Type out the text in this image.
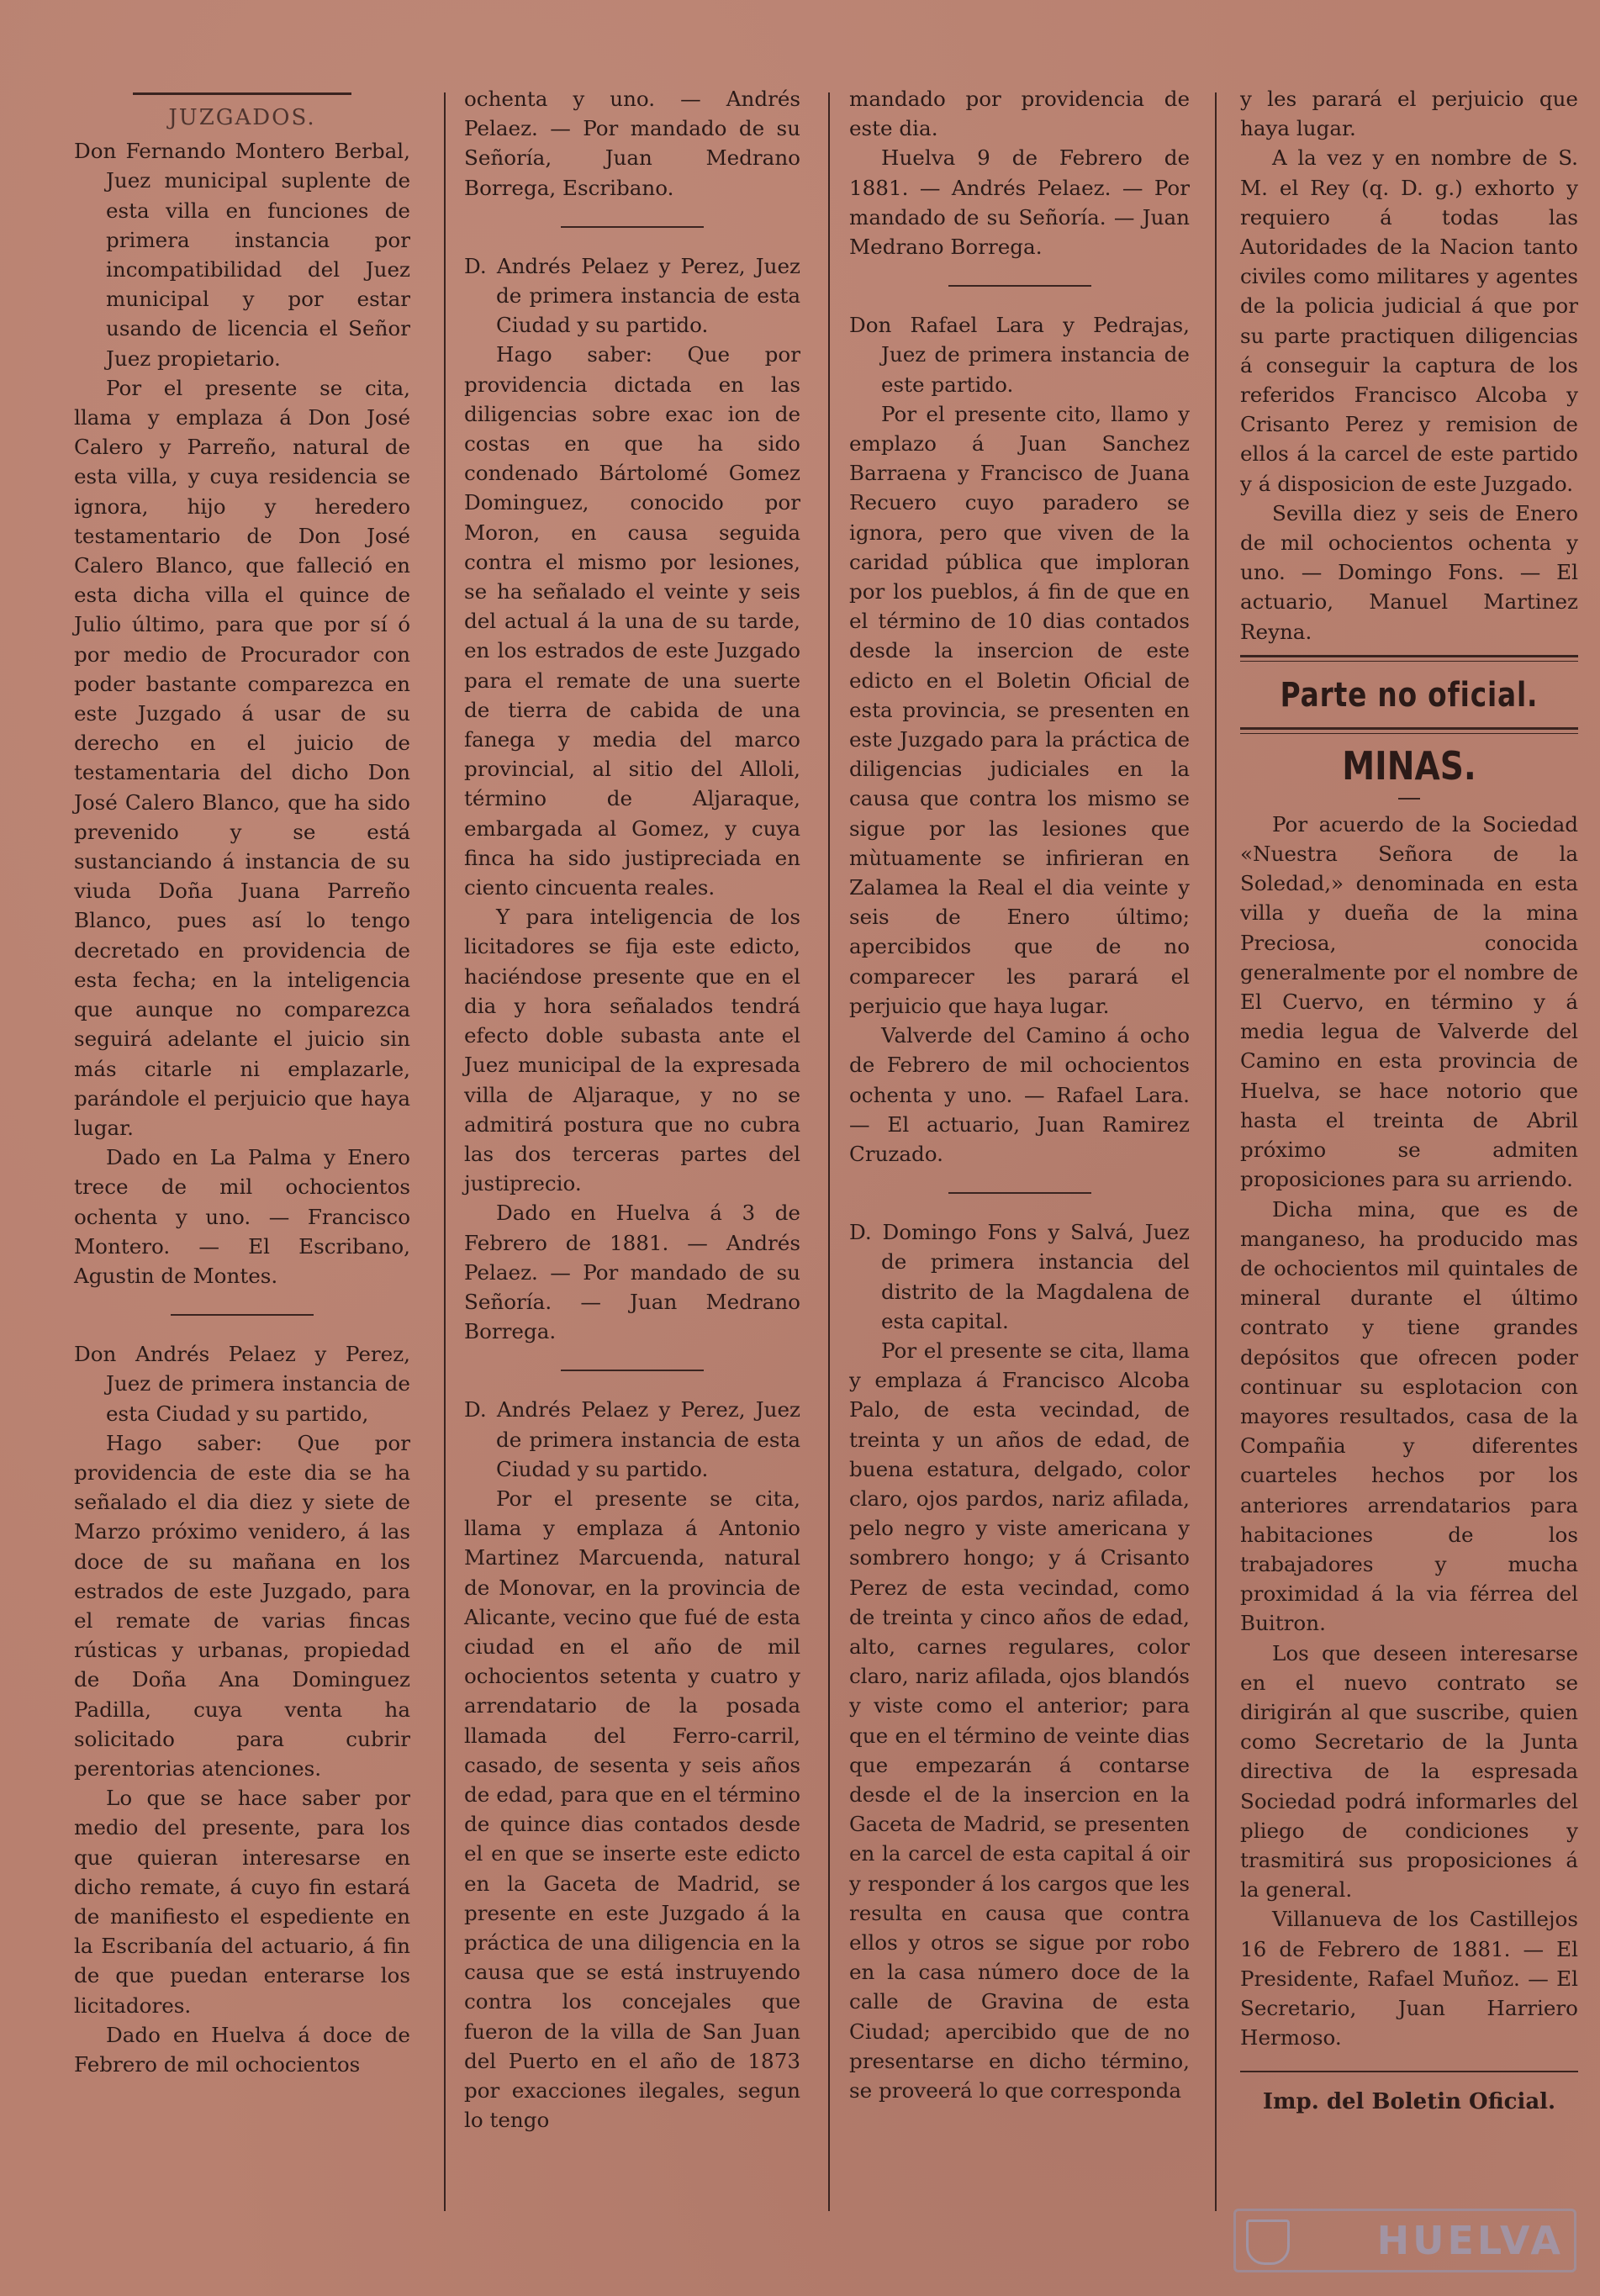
JUZGADOS.

Don Fernando Montero Berbal, Juez municipal suplente de esta villa en funciones de primera instancia por incompatibilidad del Juez municipal y por estar usando de licencia el Señor Juez propietario.

Por el presente se cita, llama y emplaza á Don José Calero y Parreño, natural de esta villa, y cuya residencia se ignora, hijo y heredero testamentario de Don José Calero Blanco, que falleció en esta dicha villa el quince de Julio último, para que por sí ó por medio de Procurador con poder bastante comparezca en este Juzgado á usar de su derecho en el juicio de testamentaria del dicho Don José Calero Blanco, que ha sido prevenido y se está sustanciando á instancia de su viuda Doña Juana Parreño Blanco, pues así lo tengo decretado en providencia de esta fecha; en la inteligencia que aunque no comparezca seguirá adelante el juicio sin más citarle ni emplazarle, parándole el perjuicio que haya lugar.

Dado en La Palma y Enero trece de mil ochocientos ochenta y uno. — Francisco Montero. — El Escribano, Agustin de Montes.

Don Andrés Pelaez y Perez, Juez de primera instancia de esta Ciudad y su partido,

Hago saber: Que por providencia de este dia se ha señalado el dia diez y siete de Marzo próximo venidero, á las doce de su mañana en los estrados de este Juzgado, para el remate de varias fincas rústicas y urbanas, propiedad de Doña Ana Dominguez Padilla, cuya venta ha solicitado para cubrir perentorias atenciones.

Lo que se hace saber por medio del presente, para los que quieran interesarse en dicho remate, á cuyo fin estará de manifiesto el espediente en la Escribanía del actuario, á fin de que puedan enterarse los licitadores.

Dado en Huelva á doce de Febrero de mil ochocientos

ochenta y uno. — Andrés Pelaez. — Por mandado de su Señoría, Juan Medrano Borrega, Escribano.

D. Andrés Pelaez y Perez, Juez de primera instancia de esta Ciudad y su partido.

Hago saber: Que por providencia dictada en las diligencias sobre exac ion de costas en que ha sido condenado Bártolomé Gomez Dominguez, conocido por Moron, en causa seguida contra el mismo por lesiones, se ha señalado el veinte y seis del actual á la una de su tarde, en los estrados de este Juzgado para el remate de una suerte de tierra de cabida de una fanega y media del marco provincial, al sitio del Alloli, término de Aljaraque, embargada al Gomez, y cuya finca ha sido justipreciada en ciento cincuenta reales.

Y para inteligencia de los licitadores se fija este edicto, haciéndose presente que en el dia y hora señalados tendrá efecto doble subasta ante el Juez municipal de la expresada villa de Aljaraque, y no se admitirá postura que no cubra las dos terceras partes del justiprecio.

Dado en Huelva á 3 de Febrero de 1881. — Andrés Pelaez. — Por mandado de su Señoría. — Juan Medrano Borrega.

D. Andrés Pelaez y Perez, Juez de primera instancia de esta Ciudad y su partido.

Por el presente se cita, llama y emplaza á Antonio Martinez Marcuenda, natural de Monovar, en la provincia de Alicante, vecino que fué de esta ciudad en el año de mil ochocientos setenta y cuatro y arrendatario de la posada llamada del Ferro-carril, casado, de sesenta y seis años de edad, para que en el término de quince dias contados desde el en que se inserte este edicto en la Gaceta de Madrid, se presente en este Juzgado á la práctica de una diligencia en la causa que se está instruyendo contra los concejales que fueron de la villa de San Juan del Puerto en el año de 1873 por exacciones ilegales, segun lo tengo

mandado por providencia de este dia.

Huelva 9 de Febrero de 1881. — Andrés Pelaez. — Por mandado de su Señoría. — Juan Medrano Borrega.

Don Rafael Lara y Pedrajas, Juez de primera instancia de este partido.

Por el presente cito, llamo y emplazo á Juan Sanchez Barraena y Francisco de Juana Recuero cuyo paradero se ignora, pero que viven de la caridad pública que imploran por los pueblos, á fin de que en el término de 10 dias contados desde la insercion de este edicto en el Boletin Oficial de esta provincia, se presenten en este Juzgado para la práctica de diligencias judiciales en la causa que contra los mismo se sigue por las lesiones que mùtuamente se infirieran en Zalamea la Real el dia veinte y seis de Enero último; apercibidos que de no comparecer les parará el perjuicio que haya lugar.

Valverde del Camino á ocho de Febrero de mil ochocientos ochenta y uno. — Rafael Lara. — El actuario, Juan Ramirez Cruzado.

D. Domingo Fons y Salvá, Juez de primera instancia del distrito de la Magdalena de esta capital.

Por el presente se cita, llama y emplaza á Francisco Alcoba Palo, de esta vecindad, de treinta y un años de edad, de buena estatura, delgado, color claro, ojos pardos, nariz afilada, pelo negro y viste americana y sombrero hongo; y á Crisanto Perez de esta vecindad, como de treinta y cinco años de edad, alto, carnes regulares, color claro, nariz afilada, ojos blandós y viste como el anterior; para que en el término de veinte dias que empezarán á contarse desde el de la insercion en la Gaceta de Madrid, se presenten en la carcel de esta capital á oir y responder á los cargos que les resulta en causa que contra ellos y otros se sigue por robo en la casa número doce de la calle de Gravina de esta Ciudad; apercibido que de no presentarse en dicho término, se proveerá lo que corresponda

y les parará el perjuicio que haya lugar.

A la vez y en nombre de S. M. el Rey (q. D. g.) exhorto y requiero á todas las Autoridades de la Nacion tanto civiles como militares y agentes de la policia judicial á que por su parte practiquen diligencias á conseguir la captura de los referidos Francisco Alcoba y Crisanto Perez y remision de ellos á la carcel de este partido y á disposicion de este Juzgado.

Sevilla diez y seis de Enero de mil ochocientos ochenta y uno. — Domingo Fons. — El actuario, Manuel Martinez Reyna.

Parte no oficial.
MINAS.

Por acuerdo de la Sociedad «Nuestra Señora de la Soledad,» denominada en esta villa y dueña de la mina Preciosa, conocida generalmente por el nombre de El Cuervo, en término y á media legua de Valverde del Camino en esta provincia de Huelva, se hace notorio que hasta el treinta de Abril próximo se admiten proposiciones para su arriendo.

Dicha mina, que es de manganeso, ha producido mas de ochocientos mil quintales de mineral durante el último contrato y tiene grandes depósitos que ofrecen poder continuar su esplotacion con mayores resultados, casa de la Compañia y diferentes cuarteles hechos por los anteriores arrendatarios para habitaciones de los trabajadores y mucha proximidad á la via férrea del Buitron.

Los que deseen interesarse en el nuevo contrato se dirigirán al que suscribe, quien como Secretario de la Junta directiva de la espresada Sociedad podrá informarles del pliego de condiciones y trasmitirá sus proposiciones á la general.

Villanueva de los Castillejos 16 de Febrero de 1881. — El Presidente, Rafael Muñoz. — El Secretario, Juan Harriero Hermoso.

Imp. del Boletin Oficial.
HUELVA
